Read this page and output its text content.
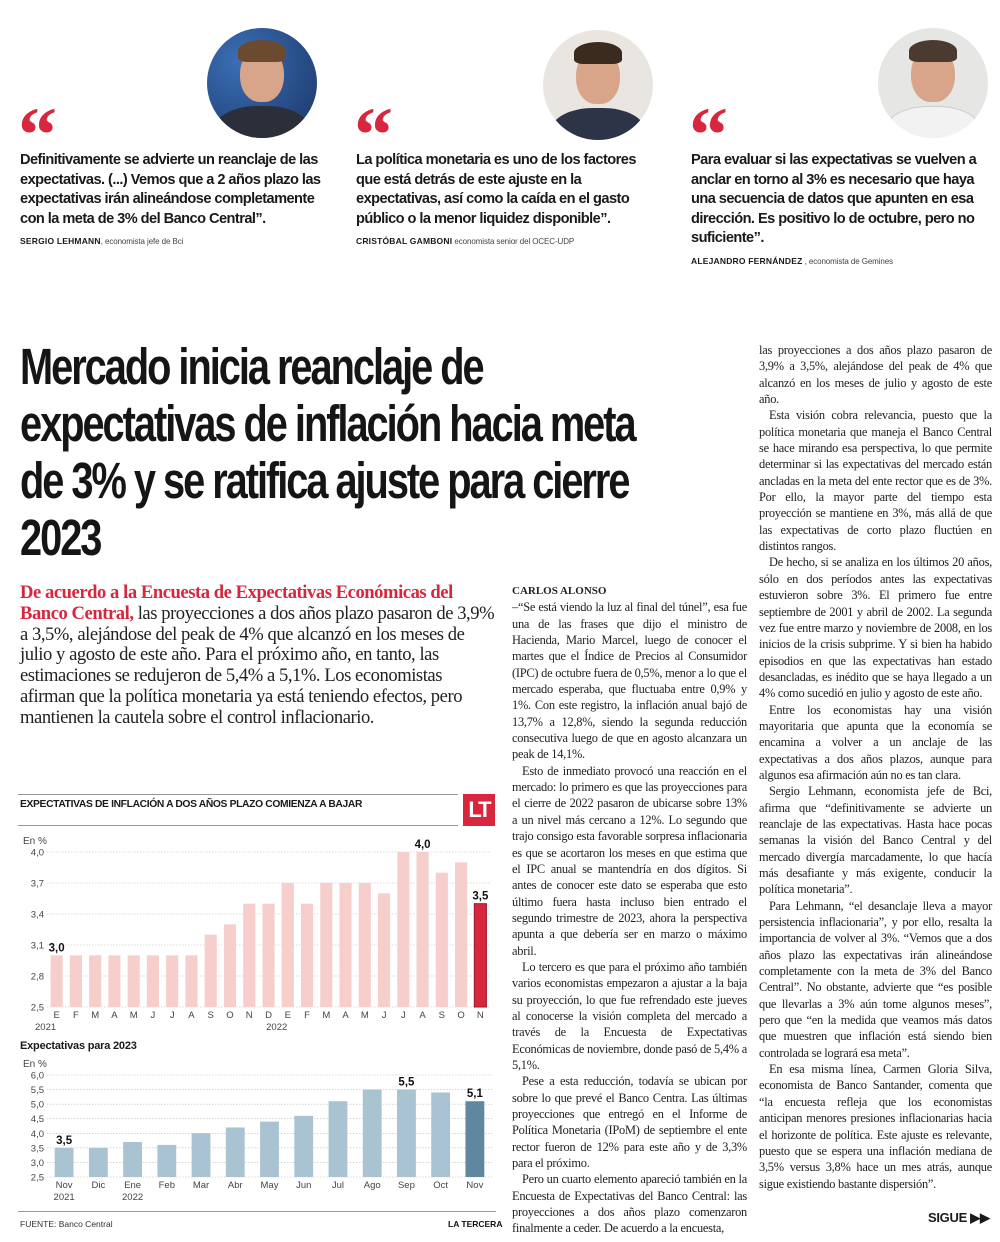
“
Definitivamente se advierte un reanclaje de las expectativas. (...) Vemos que a 2 años plazo las expectativas irán alineándose completamente con la meta de 3% del Banco Central”.
SERGIO LEHMANN, economista jefe de Bci
“
La política monetaria es uno de los factores que está detrás de este ajuste en la expectativas, así como la caída en el gasto público o la menor liquidez disponible”.
CRISTÓBAL GAMBONI economista senior del OCEC-UDP
“
Para evaluar si las expectativas se vuelven a anclar en torno al 3% es necesario que haya una secuencia de datos que apunten en esa dirección. Es positivo lo de octubre, pero no suficiente”.
ALEJANDRO FERNÁNDEZ , economista de Gemines
Mercado inicia reanclaje de expectativas de inflación hacia meta de 3% y se ratifica ajuste para cierre 2023
De acuerdo a la Encuesta de Expectativas Económicas del Banco Central, las proyecciones a dos años plazo pasaron de 3,9% a 3,5%, alejándose del peak de 4% que alcanzó en los meses de julio y agosto de este año. Para el próximo año, en tanto, las estimaciones se redujeron de 5,4% a 5,1%. Los economistas afirman que la política monetaria ya está teniendo efectos, pero mantienen la cautela sobre el control inflacionario.
EXPECTATIVAS DE INFLACIÓN A DOS AÑOS PLAZO COMIENZA A BAJAR	LT
En %
2,5
2,8
3,1
3,4
3,7
4,0
E F M A M J J A S O N D E F M A M J J A S O N
2021	2022
3,0
4,0
3,5
Expectativas para 2023
En %
2,5
3,0
3,5
4,0
4,5
5,0
5,5
6,0
Nov Dic Ene Feb Mar Abr May Jun Jul Ago Sep Oct Nov
2021	2022
3,5
5,5
5,1
FUENTE: Banco Central	LA TERCERA

CARLOS ALONSO

–“Se está viendo la luz al final del túnel”, esa fue una de las frases que dijo el ministro de Hacienda, Mario Marcel, luego de conocer el martes que el Índice de Precios al Consumidor (IPC) de octubre fuera de 0,5%, menor a lo que el mercado esperaba, que fluctuaba entre 0,9% y 1%. Con este registro, la inflación anual bajó de 13,7% a 12,8%, siendo la segunda reducción consecutiva luego de que en agosto alcanzara un peak de 14,1%.

Esto de inmediato provocó una reacción en el mercado: lo primero es que las proyecciones para el cierre de 2022 pasaron de ubicarse sobre 13% a un nivel más cercano a 12%. Lo segundo que trajo consigo esta favorable sorpresa inflacionaria es que se acortaron los meses en que estima que el IPC anual se mantendría en dos dígitos. Si antes de conocer este dato se esperaba que esto último fuera hasta incluso bien entrado el segundo trimestre de 2023, ahora la perspectiva apunta a que debería ser en marzo o máximo abril.

Lo tercero es que para el próximo año también varios economistas empezaron a ajustar a la baja su proyección, lo que fue refrendado este jueves al conocerse la visión completa del mercado a través de la Encuesta de Expectativas Económicas de noviembre, donde pasó de 5,4% a 5,1%.

Pese a esta reducción, todavía se ubican por sobre lo que prevé el Banco Centra. Las últimas proyecciones que entregó en el Informe de Política Monetaria (IPoM) de septiembre el ente rector fueron de 12% para este año y de 3,3% para el próximo.

Pero un cuarto elemento apareció también en la Encuesta de Expectativas del Banco Central: las proyecciones a dos años plazo comenzaron finalmente a ceder. De acuerdo a la encuesta,

las proyecciones a dos años plazo pasaron de 3,9% a 3,5%, alejándose del peak de 4% que alcanzó en los meses de julio y agosto de este año.

Esta visión cobra relevancia, puesto que la política monetaria que maneja el Banco Central se hace mirando esa perspectiva, lo que permite determinar si las expectativas del mercado están ancladas en la meta del ente rector que es de 3%. Por ello, la mayor parte del tiempo esta proyección se mantiene en 3%, más allá de que las expectativas de corto plazo fluctúen en distintos rangos.

De hecho, si se analiza en los últimos 20 años, sólo en dos períodos antes las expectativas estuvieron sobre 3%. El primero fue entre septiembre de 2001 y abril de 2002. La segunda vez fue entre marzo y noviembre de 2008, en los inicios de la crisis subprime. Y si bien ha habido episodios en que las expectativas han estado desancladas, es inédito que se haya llegado a un 4% como sucedió en julio y agosto de este año.

Entre los economistas hay una visión mayoritaria que apunta que la economía se encamina a volver a un anclaje de las expectativas a dos años plazos, aunque para algunos esa afirmación aún no es tan clara.

Sergio Lehmann, economista jefe de Bci, afirma que “definitivamente se advierte un reanclaje de las expectativas. Hasta hace pocas semanas la visión del Banco Central y del mercado divergía marcadamente, lo que hacía más desafiante y más exigente, conducir la política monetaria”.

Para Lehmann, “el desanclaje lleva a mayor persistencia inflacionaria”, y por ello, resalta la importancia de volver al 3%. “Vemos que a dos años plazo las expectativas irán alineándose completamente con la meta de 3% del Banco Central”. No obstante, advierte que “es posible que llevarlas a 3% aún tome algunos meses”, pero que “en la medida que veamos más datos que muestren que inflación está siendo bien controlada se logrará esa meta”.

En esa misma línea, Carmen Gloria Silva, economista de Banco Santander, comenta que “la encuesta refleja que los economistas anticipan menores presiones inflacionarias hacia el horizonte de política. Este ajuste es relevante, puesto que se espera una inflación mediana de 3,5% versus 3,8% hace un mes atrás, aunque sigue existiendo bastante dispersión”.

SIGUE ▶▶
